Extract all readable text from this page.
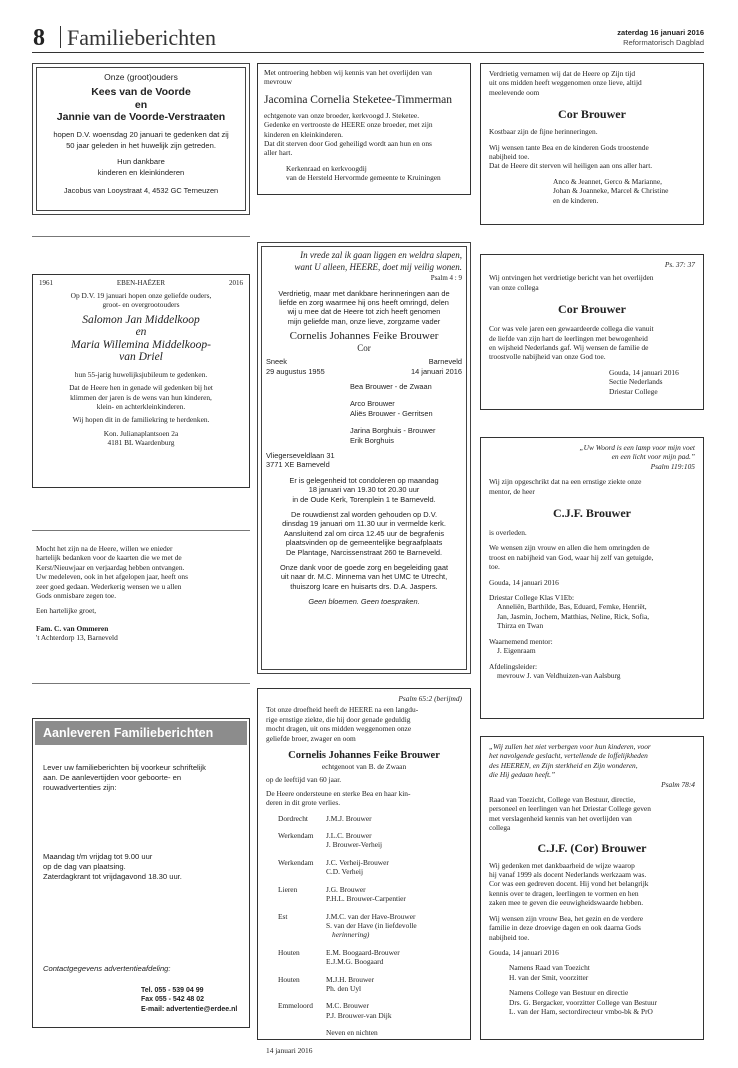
8 Familieberichten	zaterdag 16 januari 2016
Reformatorisch Dagblad
Onze (groot)ouders
Kees van de Voorde
en
Jannie van de Voorde-Verstraaten
hopen D.V. woensdag 20 januari te gedenken dat zij
50 jaar geleden in het huwelijk zijn getreden.
Hun dankbare
kinderen en kleinkinderen
Jacobus van Looystraat 4, 4532 GC Terneuzen
1961	EBEN-HAËZER	2016
Op D.V. 19 januari hopen onze geliefde ouders,
groot- en overgrootouders
Salomon Jan Middelkoop
en
Maria Willemina Middelkoop-
van Driel
hun 55-jarig huwelijksjubileum te gedenken.
Dat de Heere hen in genade wil gedenken bij het
klimmen der jaren is de wens van hun kinderen,
klein- en achterkleinkinderen.
Wij hopen dit in de familiekring te herdenken.
Kon. Julianaplantsoen 2a
4181 BL Waardenburg
Mocht het zijn na de Heere, willen we enieder
hartelijk bedanken voor de kaarten die we met de
Kerst/Nieuwjaar en verjaardag hebben ontvangen.
Uw medeleven, ook in het afgelopen jaar, heeft ons
zeer goed gedaan. Wederkerig wensen we u allen
Gods onmisbare zegen toe.
Een hartelijke groet,
Fam. C. van Ommeren
't Achterdorp 13, Barneveld
Aanleveren Familieberichten
Lever uw familieberichten bij voorkeur schriftelijk
aan. De aanlevertijden voor geboorte- en
rouwadvertenties zijn:
Maandag t/m vrijdag tot 9.00 uur
op de dag van plaatsing.
Zaterdagkrant tot vrijdagavond 18.30 uur.
Contactgegevens advertentieafdeling:
Tel. 055 - 539 04 99
Fax 055 - 542 48 02
E-mail: advertentie@erdee.nl
Met ontroering hebben wij kennis van het overlijden van
mevrouw
Jacomina Cornelia Steketee-Timmerman
echtgenote van onze broeder, kerkvoogd J. Steketee.
Gedenke en vertrooste de HEERE onze broeder, met zijn
kinderen en kleinkinderen.
Dat dit sterven door God geheiligd wordt aan hun en ons
aller hart.
Kerkenraad en kerkvoogdij
van de Hersteld Hervormde gemeente te Kruiningen
In vrede zal ik gaan liggen en weldra slapen,
want U alleen, HEERE, doet mij veilig wonen.
Psalm 4 : 9
Verdrietig, maar met dankbare herinneringen aan de
liefde en zorg waarmee hij ons heeft omringd, delen
wij u mee dat de Heere tot zich heeft genomen
mijn geliefde man, onze lieve, zorgzame vader
Cornelis Johannes Feike Brouwer
Cor
Sneek
29 augustus 1955
Barneveld
14 januari 2016
Bea Brouwer - de Zwaan
Arco Brouwer
Aliës Brouwer - Gerritsen
Jarina Borghuis - Brouwer
Erik Borghuis
Vliegerseveldlaan 31
3771 XE Barneveld
Er is gelegenheid tot condoleren op maandag
18 januari van 19.30 tot 20.30 uur
in de Oude Kerk, Torenplein 1 te Barneveld.
De rouwdienst zal worden gehouden op D.V.
dinsdag 19 januari om 11.30 uur in vermelde kerk.
Aansluitend zal om circa 12.45 uur de begrafenis
plaatsvinden op de gemeentelijke begraafplaats
De Plantage, Narcissenstraat 260 te Barneveld.
Onze dank voor de goede zorg en begeleiding gaat
uit naar dr. M.C. Minnema van het UMC te Utrecht,
thuiszorg Icare en huisarts drs. D.A. Jaspers.
Geen bloemen. Geen toespraken.
Psalm 65:2 (berijmd)
Tot onze droefheid heeft de HEERE na een langdu-
rige ernstige ziekte, die hij door genade geduldig
mocht dragen, uit ons midden weggenomen onze
geliefde broer, zwager en oom
Cornelis Johannes Feike Brouwer
echtgenoot van B. de Zwaan
op de leeftijd van 60 jaar.
De Heere ondersteune en sterke Bea en haar kin-
deren in dit grote verlies.
Dordrecht	J.M.J. Brouwer
Werkendam	J.L.C. Brouwer
J. Brouwer-Verheij
Werkendam	J.C. Verheij-Brouwer
C.D. Verheij
Lieren	J.G. Brouwer
P.H.L. Brouwer-Carpentier
Est	J.M.C. van der Have-Brouwer
S. van der Have (in liefdevolle
herinnering)
Houten	E.M. Boogaard-Brouwer
E.J.M.G. Boogaard
Houten	M.J.H. Brouwer
Ph. den Uyl
Emmeloord	M.C. Brouwer
P.J. Brouwer-van Dijk
Neven en nichten
14 januari 2016
Verdrietig vernamen wij dat de Heere op Zijn tijd
uit ons midden heeft weggenomen onze lieve, altijd
meelevende oom
Cor Brouwer
Kostbaar zijn de fijne herinneringen.
Wij wensen tante Bea en de kinderen Gods troostende
nabijheid toe.
Dat de Heere dit sterven wil heiligen aan ons aller hart.
Anco & Jeannet, Gerco & Marianne,
Johan & Joanneke, Marcel & Christine
en de kinderen.
Ps. 37: 37
Wij ontvingen het verdrietige bericht van het overlijden
van onze collega
Cor Brouwer
Cor was vele jaren een gewaardeerde collega die vanuit
de liefde van zijn hart de leerlingen met bewogenheid
en wijsheid Nederlands gaf. Wij wensen de familie de
troostvolle nabijheid van onze God toe.
Gouda, 14 januari 2016
Sectie Nederlands
Driestar College
„Uw Woord is een lamp voor mijn voet
en een licht voor mijn pad.”
Psalm 119:105
Wij zijn opgeschrikt dat na een ernstige ziekte onze
mentor, de heer
C.J.F. Brouwer
is overleden.
We wensen zijn vrouw en allen die hem omringden de
troost en nabijheid van God, waar hij zelf van getuigde,
toe.
Gouda, 14 januari 2016
Driestar College Klas V1Eb:
Anneliën, Barthilde, Bas, Eduard, Femke, Henriët,
Jan, Jasmin, Jochem, Matthias, Neline, Rick, Sofia,
Thirza en Twan
Waarnemend mentor:
J. Eigenraam
Afdelingsleider:
mevrouw J. van Veldhuizen-van Aalsburg
„Wij zullen het niet verbergen voor hun kinderen, voor
het navolgende geslacht, vertellende de loffelijkheden
des HEEREN, en Zijn sterkheid en Zijn wonderen,
die Hij gedaan heeft.”
Psalm 78:4
Raad van Toezicht, College van Bestuur, directie,
personeel en leerlingen van het Driestar College geven
met verslagenheid kennis van het overlijden van
collega
C.J.F. (Cor) Brouwer
Wij gedenken met dankbaarheid de wijze waarop
hij vanaf 1999 als docent Nederlands werkzaam was.
Cor was een gedreven docent. Hij vond het belangrijk
kennis over te dragen, leerlingen te vormen en hen
zaken mee te geven die eeuwigheidswaarde hebben.
Wij wensen zijn vrouw Bea, het gezin en de verdere
familie in deze droevige dagen en ook daarna Gods
nabijheid toe.
Gouda, 14 januari 2016
Namens Raad van Toezicht
H. van der Smit, voorzitter
Namens College van Bestuur en directie
Drs. G. Bergacker, voorzitter College van Bestuur
L. van der Ham, sectordirecteur vmbo-bk & PrO
